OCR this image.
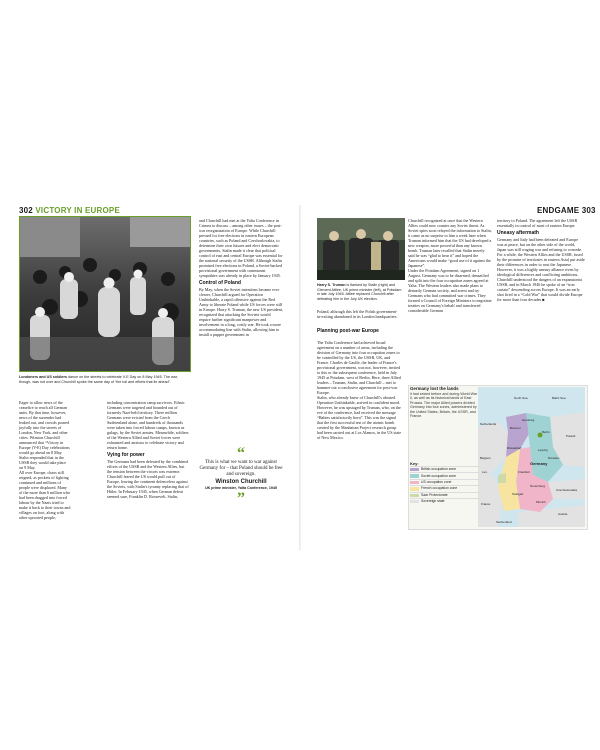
302 VICTORY IN EUROPE	ENDGAME 303
Londoners and US soldiers dance on the streets to celebrate V-E Day on 8 May 1945. The war, though, was not over and Churchill spoke the same day of “the toil and efforts that lie ahead”.
Eager to allow news of the ceasefire to reach all German units. By that time, however, news of the surrender had leaked out, and crowds poured joyfully into the streets of London, New York, and other cities. Winston Churchill announced that “Victory in Europe (V-E) Day celebrations would go ahead on 8 May. Stalin responded that in the USSR they would take place on 9 May.
All over Europe, chaos still reigned, as pockets of fighting continued and millions of people were displaced. Many of the more than 6 million who had been dragged into forced labour by the Nazis tried to make it back to their towns and villages on foot, along with other uprooted people,

including concentration camp survivors. Ethnic Germans were targeted and hounded out of formerly Nazi-held territory. Three million Germans were evicted from the Czech Sudetenland alone, and hundreds of thousands were taken into forced labour camps, known as gulags, by the Soviet armies. Meanwhile, soldiers of the Western Allied and Soviet forces were exhausted and anxious to celebrate victory and return home.

Vying for power

The Germans had been defeated by the combined efforts of the USSR and the Western Allies, but the tension between the victors was extreme. Churchill feared the US would pull out of Europe, leaving the continent defenceless against the Soviets, with Stalin's tyranny replacing that of Hitler. In February 1945, when German defeat seemed sure, Franklin D. Roosevelt, Stalin,

and Churchill had met at the Yalta Conference in Crimea to discuss – among other issues – the post-war reorganization of Europe. While Churchill pressed for free elections in eastern European countries, such as Poland and Czechoslovakia, to determine their own futures and elect democratic governments, Stalin made it clear that political control of east and central Europe was essential for the national security of the USSR. Although Stalin promised free elections in Poland, a Soviet-backed provisional government with communist sympathies was already in place by January 1945.

Control of Poland

By May, when the Soviet intentions became ever clearer, Churchill argued for Operation Unthinkable, a rapid offensive against the Red Army to liberate Poland while US forces were still in Europe. Harry S. Truman, the new US president, recognized that attacking the Soviets would require further significant manpower and involvement in a long, costly war. He took a more accommodating line with Stalin, allowing him to install a puppet government in

“
This is what we want to war against Germany for – that Poland should be free and sovereign.
Winston Churchill
UK prime minister, Yalta Conference, 1945
”
Harry S. Truman is flanked by Stalin (right) and Clement Attlee, UK prime minister (left), at Potsdam in late July 1945. Attlee replaced Churchill after defeating him in the July UK election.

Poland, although this left the Polish government-in-exiting abandoned in its London headquarters.

Planning post-war Europe

The Yalta Conference had achieved broad agreement on a number of areas, including the division of Germany into four occupation zones to be controlled by the US, the USSR, UK, and France. Charles de Gaulle, the leader of France's provisional government, was not, however, invited to this or the subsequent conference, held in July 1945 at Potsdam, west of Berlin. Here, three Allied leaders – Truman, Stalin, and Churchill – met to hammer out a conclusive agreement for post-war Europe.
Stalin, who already knew of Churchill's aborted Operation Unthinkable, arrived in confident mood. However, he was upstaged by Truman, who, on the eve of the conference, had received the message “Babies satisfactorily born”. This was the signal that the first successful test of the atomic bomb created by the Manhattan Project research group had been carried out at Los Alamos, in the US state of New Mexico.

Churchill recognized at once that the Western Allies could now counter any Soviet threat. As Soviet spies soon relayed the information to Stalin, it came as no surprise to him a week later when Truman informed him that the US had developed a new weapon, more powerful than any known bomb. Truman later recalled that Stalin merely said he was “glad to hear it” and hoped the Americans would make “good use of it against the Japanese”.
Under the Potsdam Agreement, signed on 1 August, Germany was to be disarmed, denazified and split into the four occupation zones agreed at Yalta. The Western leaders also made plans to denazify German society, and arrest and try Germans who had committed war crimes. They formed a Council of Foreign Ministers to negotiate treaties on Germany's behalf and transferred considerable German

territory to Poland. The agreement left the USSR essentially in control of most of eastern Europe.

Uneasy aftermath

Germany and Italy had been defeated and Europe was at peace, but on the other side of the world, Japan was still waging war and refusing to concede. For a while, the Western Allies and the USSR, fused by the promise of territories in eastern Asia) put aside their differences in order to rout the Japanese. However, it was a highly uneasy alliance riven by ideological differences and conflicting ambitions. Churchill understood the dangers of an expansionist USSR, and in March 1946 he spoke of an “iron curtain” descending across Europe. It was an early shot fired in a “Cold War” that would divide Europe for more than four decades ■

Germany lost the lands
it had seized before and during World War II, as well as its historical lands of East Prussia. The major Allied powers divided Germany into four zones, administered by the United States, Britain, the USSR, and France.
North Sea	Baltic Sea
Netherlands
Belgium
Lux.
France
Switzerland
Austria
Czechoslovakia
Poland
Germany
Berlin
Hamburg
Bremen
Düsseldorf
Frankfurt
Munich
Stuttgart
Nuremberg
Dresden
Leipzig
Key:
British occupation zone
Soviet occupation zone
US occupation zone
French occupation zone
Saar Protectorate
Sovereign state
